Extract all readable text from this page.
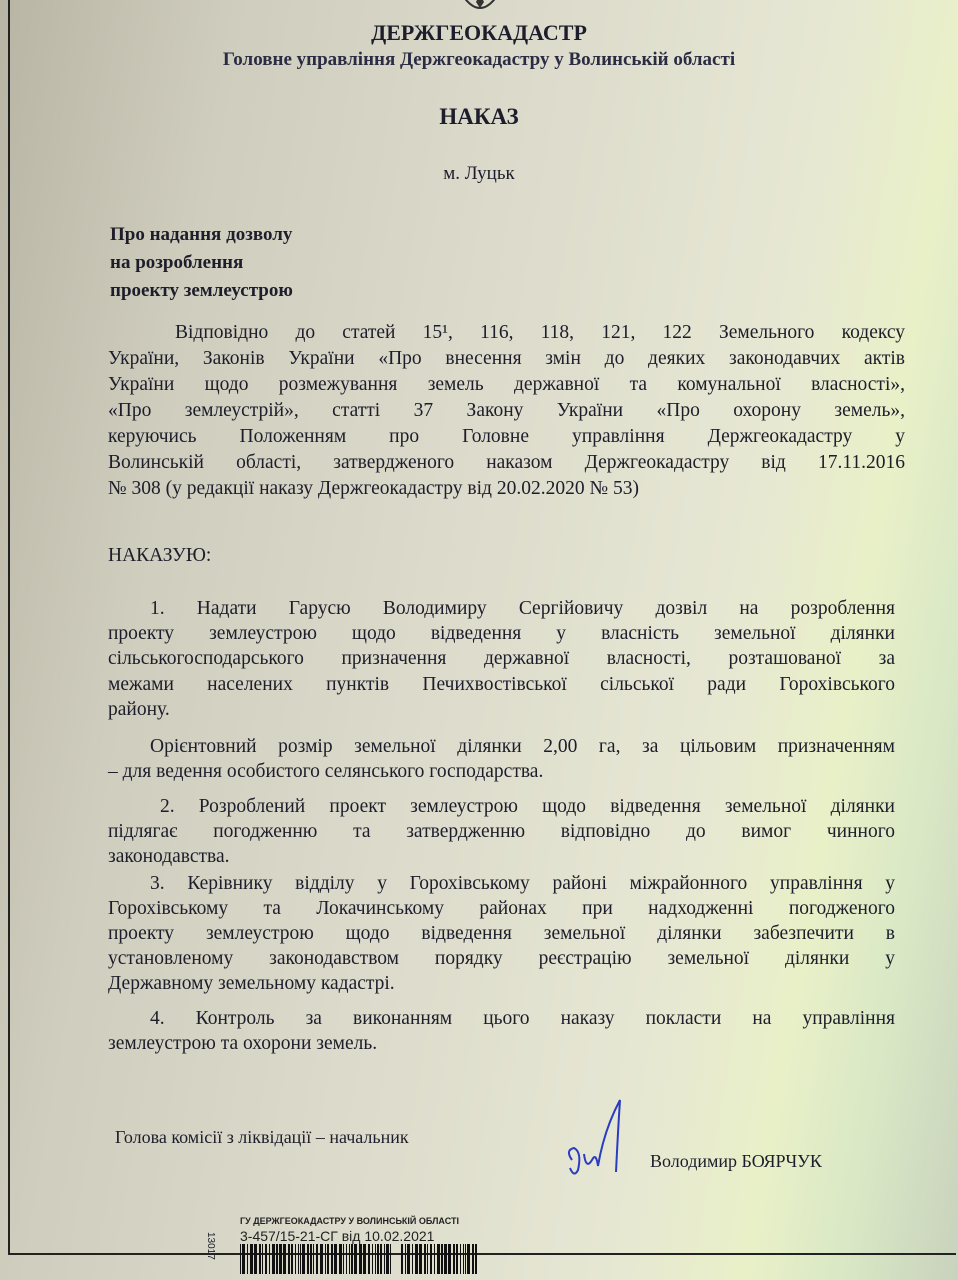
ДЕРЖГЕОКАДАСТР
Головне управління Держгеокадастру у Волинській області
НАКАЗ
м. Луцьк
Про надання дозволу
на розроблення
проекту землеустрою
Відповідно до статей 15¹, 116, 118, 121, 122 Земельного кодексу
України, Законів України «Про внесення змін до деяких законодавчих актів
України щодо розмежування земель державної та комунальної власності»,
«Про землеустрій», статті 37 Закону України «Про охорону земель»,
керуючись Положенням про Головне управління Держгеокадастру у
Волинській області, затвердженого наказом Держгеокадастру від 17.11.2016
№ 308 (у редакції наказу Держгеокадастру від 20.02.2020 № 53)
НАКАЗУЮ:
1. Надати Гарусю Володимиру Сергійовичу дозвіл на розроблення
проекту землеустрою щодо відведення у власність земельної ділянки
сільськогосподарського призначення державної власності, розташованої за
межами населених пунктів Печихвостівської сільської ради Горохівського
району.
Орієнтовний розмір земельної ділянки 2,00 га, за цільовим призначенням
– для ведення особистого селянського господарства.
2. Розроблений проект землеустрою щодо відведення земельної ділянки
підлягає погодженню та затвердженню відповідно до вимог чинного
законодавства.
3. Керівнику відділу у Горохівському районі міжрайонного управління у
Горохівському та Локачинському районах при надходженні погодженого
проекту землеустрою щодо відведення земельної ділянки забезпечити в
установленому законодавством порядку реєстрацію земельної ділянки у
Державному земельному кадастрі.
4. Контроль за виконанням цього наказу покласти на управління
землеустрою та охорони земель.
Голова комісії з ліквідації – начальник
Володимир БОЯРЧУК
ГУ ДЕРЖГЕОКАДАСТРУ У ВОЛИНСЬКІЙ ОБЛАСТІ
3-457/15-21-СГ від 10.02.2021
13017
